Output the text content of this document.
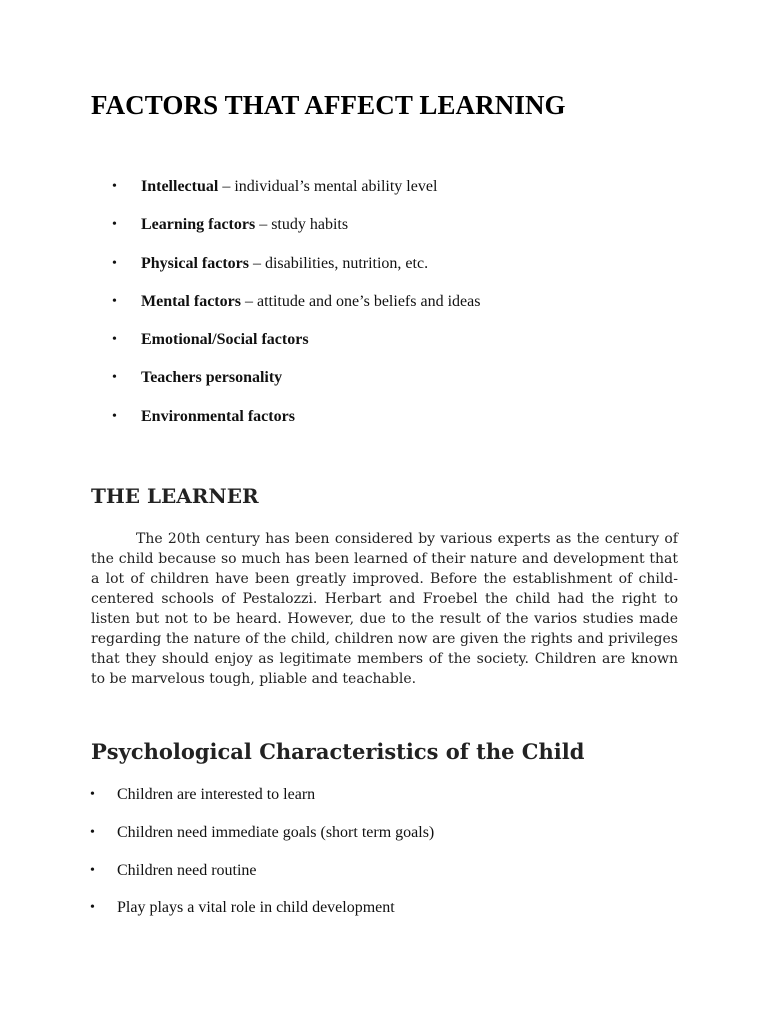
FACTORS THAT AFFECT LEARNING
• Intellectual – individual’s mental ability level
• Learning factors – study habits
• Physical factors – disabilities, nutrition, etc.
• Mental factors – attitude and one’s beliefs and ideas
• Emotional/Social factors
• Teachers personality
• Environmental factors
THE LEARNER

The 20th century has been considered by various experts as the century of the child because so much has been learned of their nature and development that a lot of children have been greatly improved. Before the establishment of child-centered schools of Pestalozzi. Herbart and Froebel the child had the right to listen but not to be heard. However, due to the result of the varios studies made regarding the nature of the child, children now are given the rights and privileges that they should enjoy as legitimate members of the society. Children are known to be marvelous tough, pliable and teachable.

Psychological Characteristics of the Child
• Children are interested to learn
• Children need immediate goals (short term goals)
• Children need routine
• Play plays a vital role in child development
